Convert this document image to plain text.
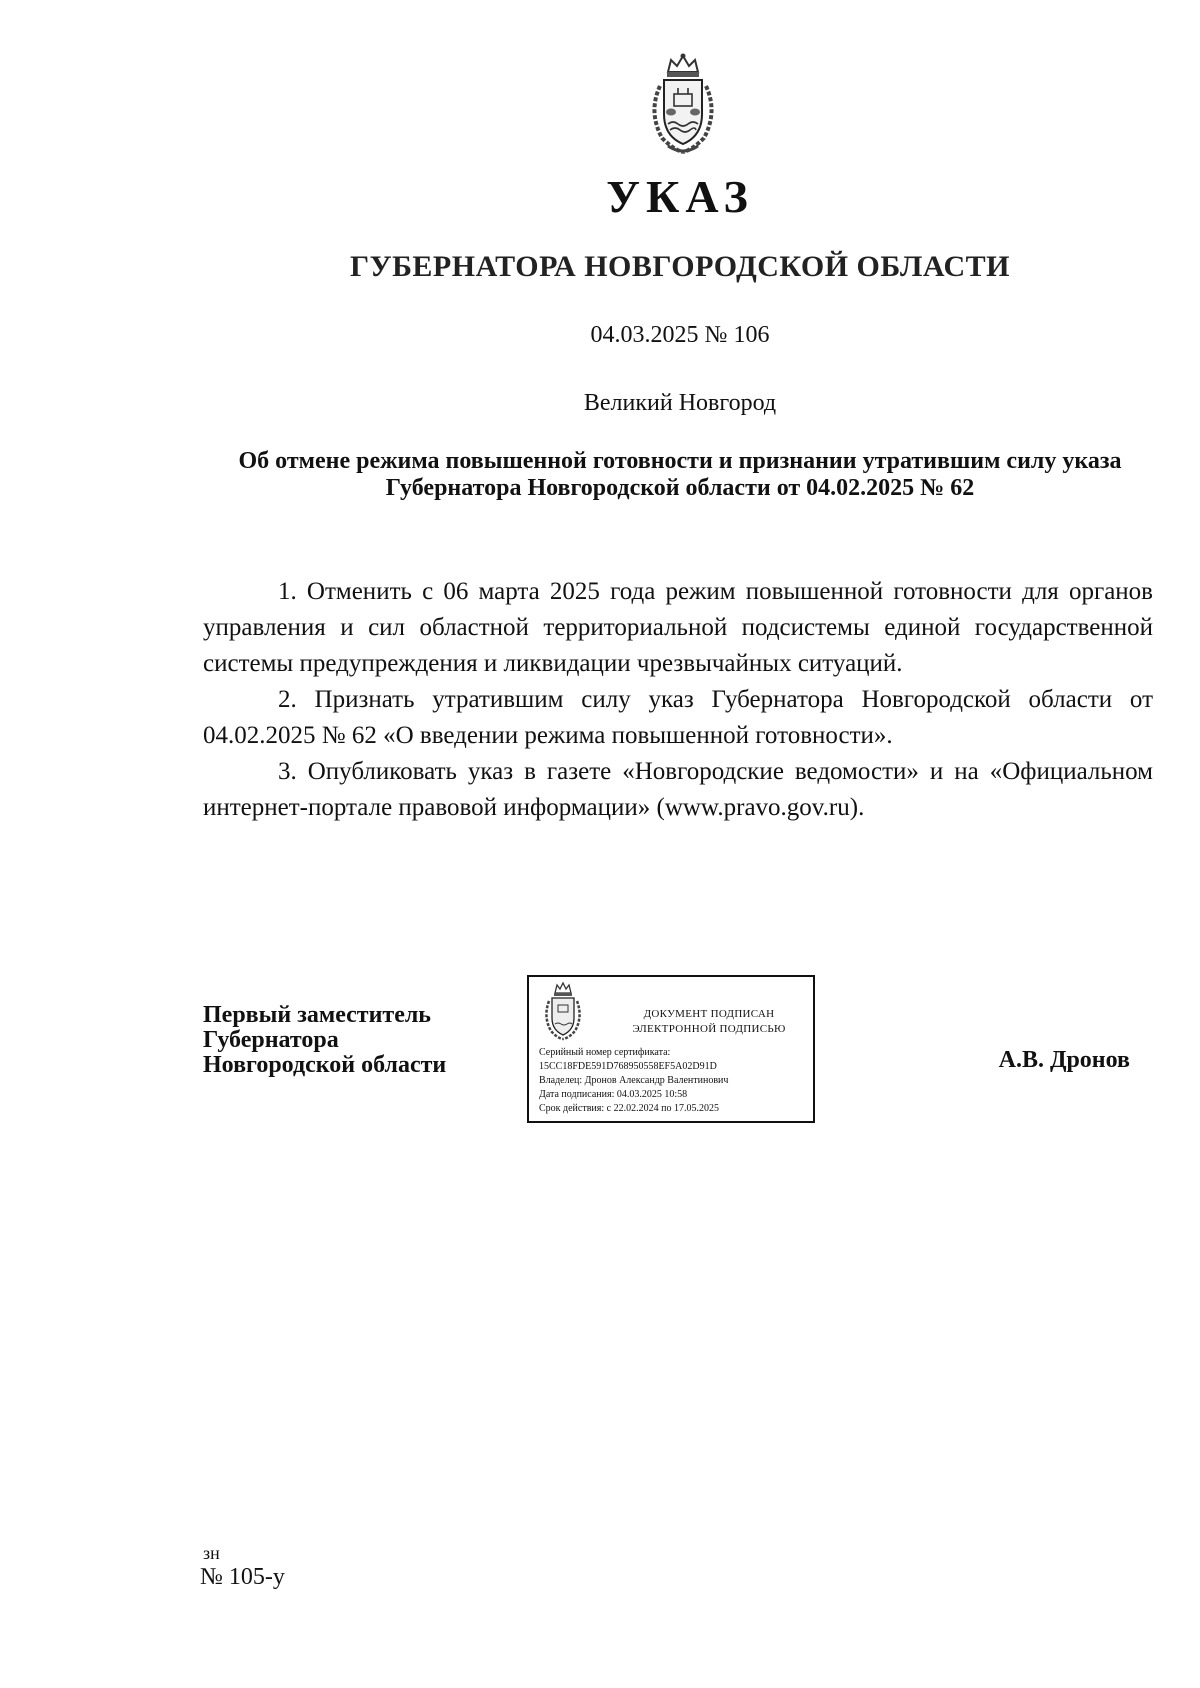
УКАЗ
ГУБЕРНАТОРА НОВГОРОДСКОЙ ОБЛАСТИ
04.03.2025 № 106
Великий Новгород
Об отмене режима повышенной готовности и признании утратившим силу указа Губернатора Новгородской области от 04.02.2025 № 62

1. Отменить с 06 марта 2025 года режим повышенной готовности для органов управления и сил областной территориальной подсистемы единой государственной системы предупреждения и ликвидации чрезвычайных ситуаций.

2. Признать утратившим силу указ Губернатора Новгородской области от 04.02.2025 № 62 «О введении режима повышенной готовности».

3. Опубликовать указ в газете «Новгородские ведомости» и на «Официальном интернет-портале правовой информации» (www.pravo.gov.ru).

Первый заместитель
Губернатора
Новгородской области
ДОКУМЕНТ ПОДПИСАН
ЭЛЕКТРОННОЙ ПОДПИСЬЮ
Серийный номер сертификата:
15CC18FDE591D768950558EF5A02D91D
Владелец: Дронов Александр Валентинович
Дата подписания: 04.03.2025 10:58
Срок действия: с 22.02.2024 по 17.05.2025
А.В. Дронов
зн
№ 105-у
